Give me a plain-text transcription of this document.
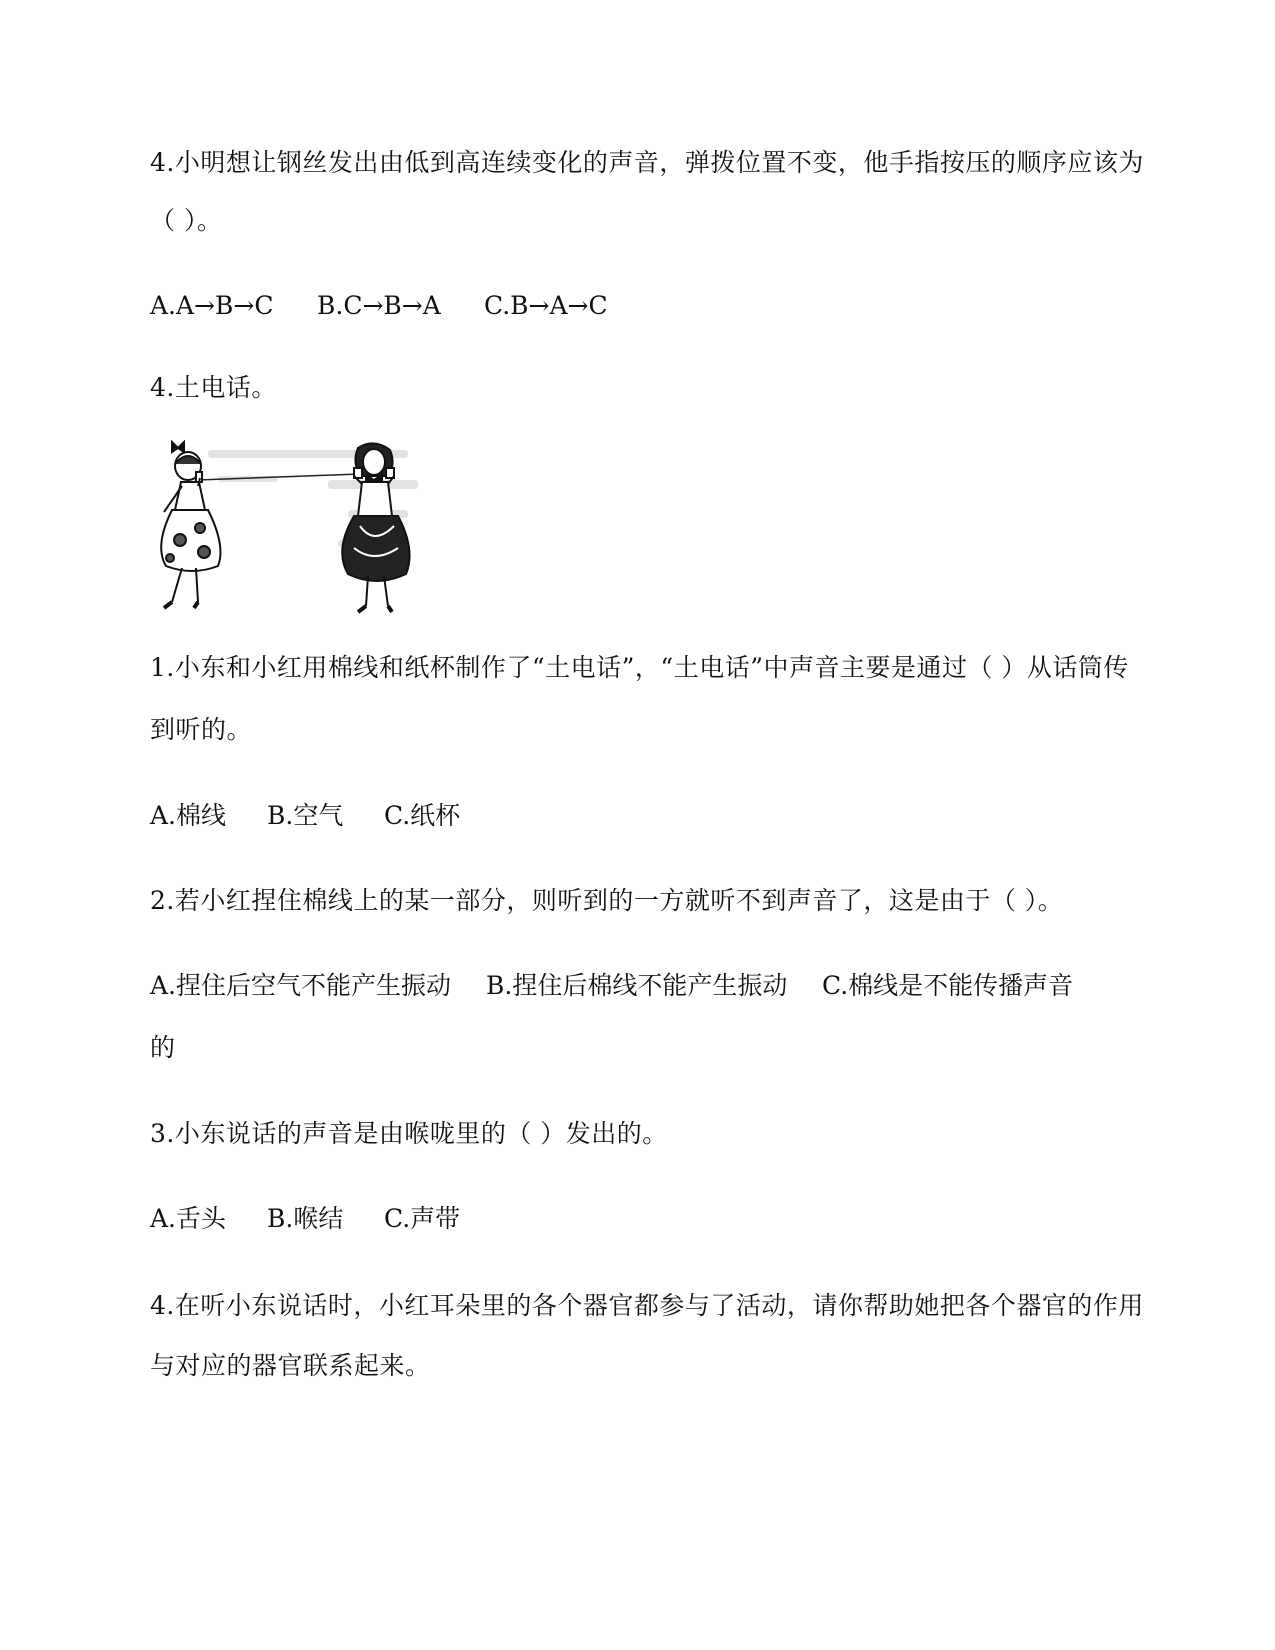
4.小明想让钢丝发出由低到高连续变化的声音，弹拨位置不变，他手指按压的顺序应该为
（ ）。
A.A→B→C	B.C→B→A	C.B→A→C
4.土电话。
1.小东和小红用棉线和纸杯制作了“土电话”，“土电话”中声音主要是通过（ ）从话筒传
到听的。
A.棉线	B.空气	C.纸杯
2.若小红捏住棉线上的某一部分，则听到的一方就听不到声音了，这是由于（ ）。
A.捏住后空气不能产生振动	B.捏住后棉线不能产生振动	C.棉线是不能传播声音
的
3.小东说话的声音是由喉咙里的（ ）发出的。
A.舌头	B.喉结	C.声带
4.在听小东说话时，小红耳朵里的各个器官都参与了活动，请你帮助她把各个器官的作用
与对应的器官联系起来。
